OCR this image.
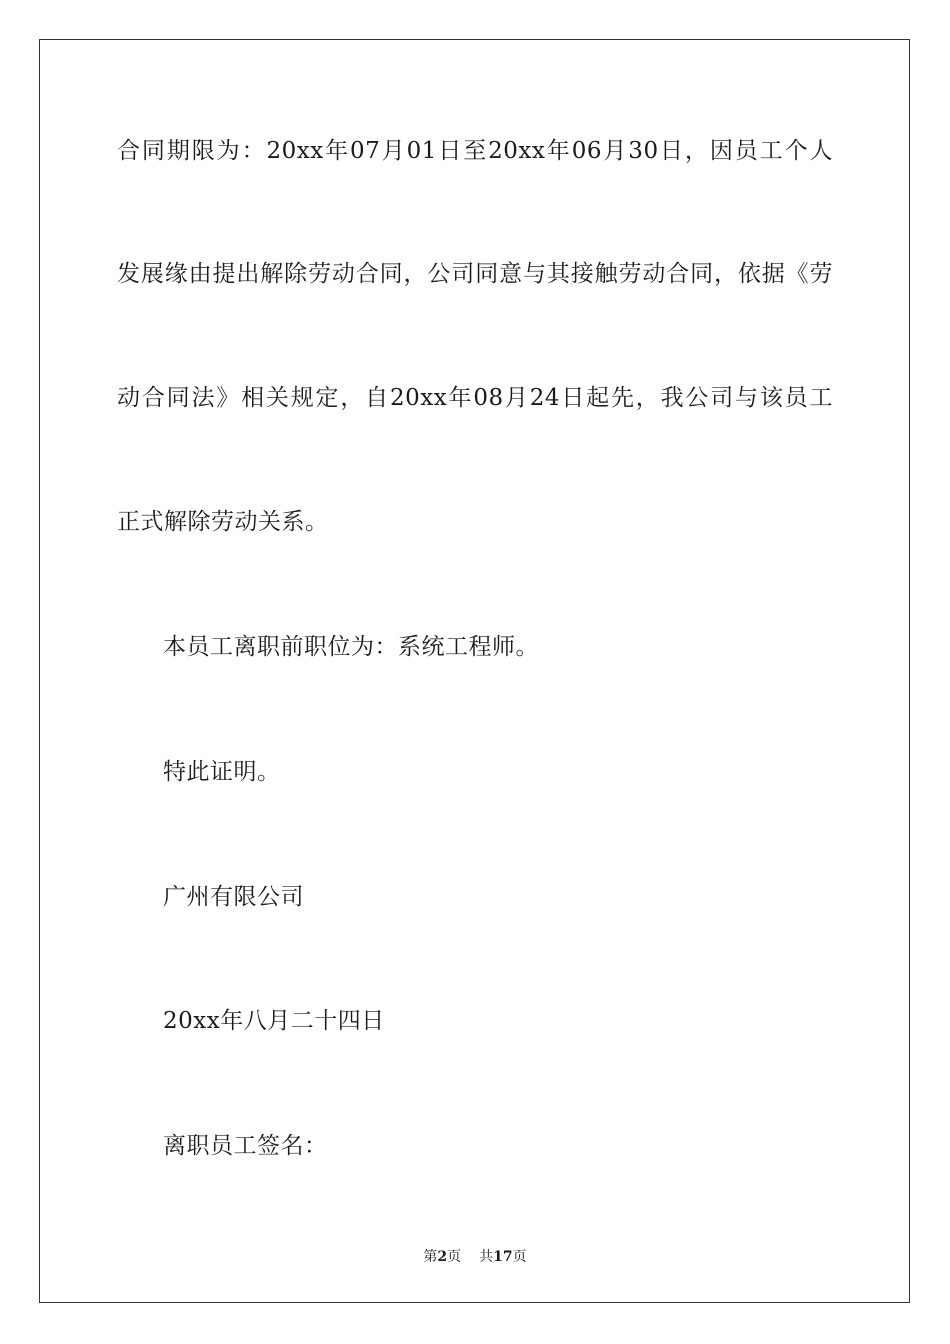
合同期限为：20xx年07月01日至20xx年06月30日，因员工个人
发展缘由提出解除劳动合同，公司同意与其接触劳动合同，依据《劳
动合同法》相关规定，自20xx年08月24日起先，我公司与该员工
正式解除劳动关系。
本员工离职前职位为：系统工程师。
特此证明。
广州有限公司
20xx年八月二十四日
离职员工签名：
第2页 共17页
